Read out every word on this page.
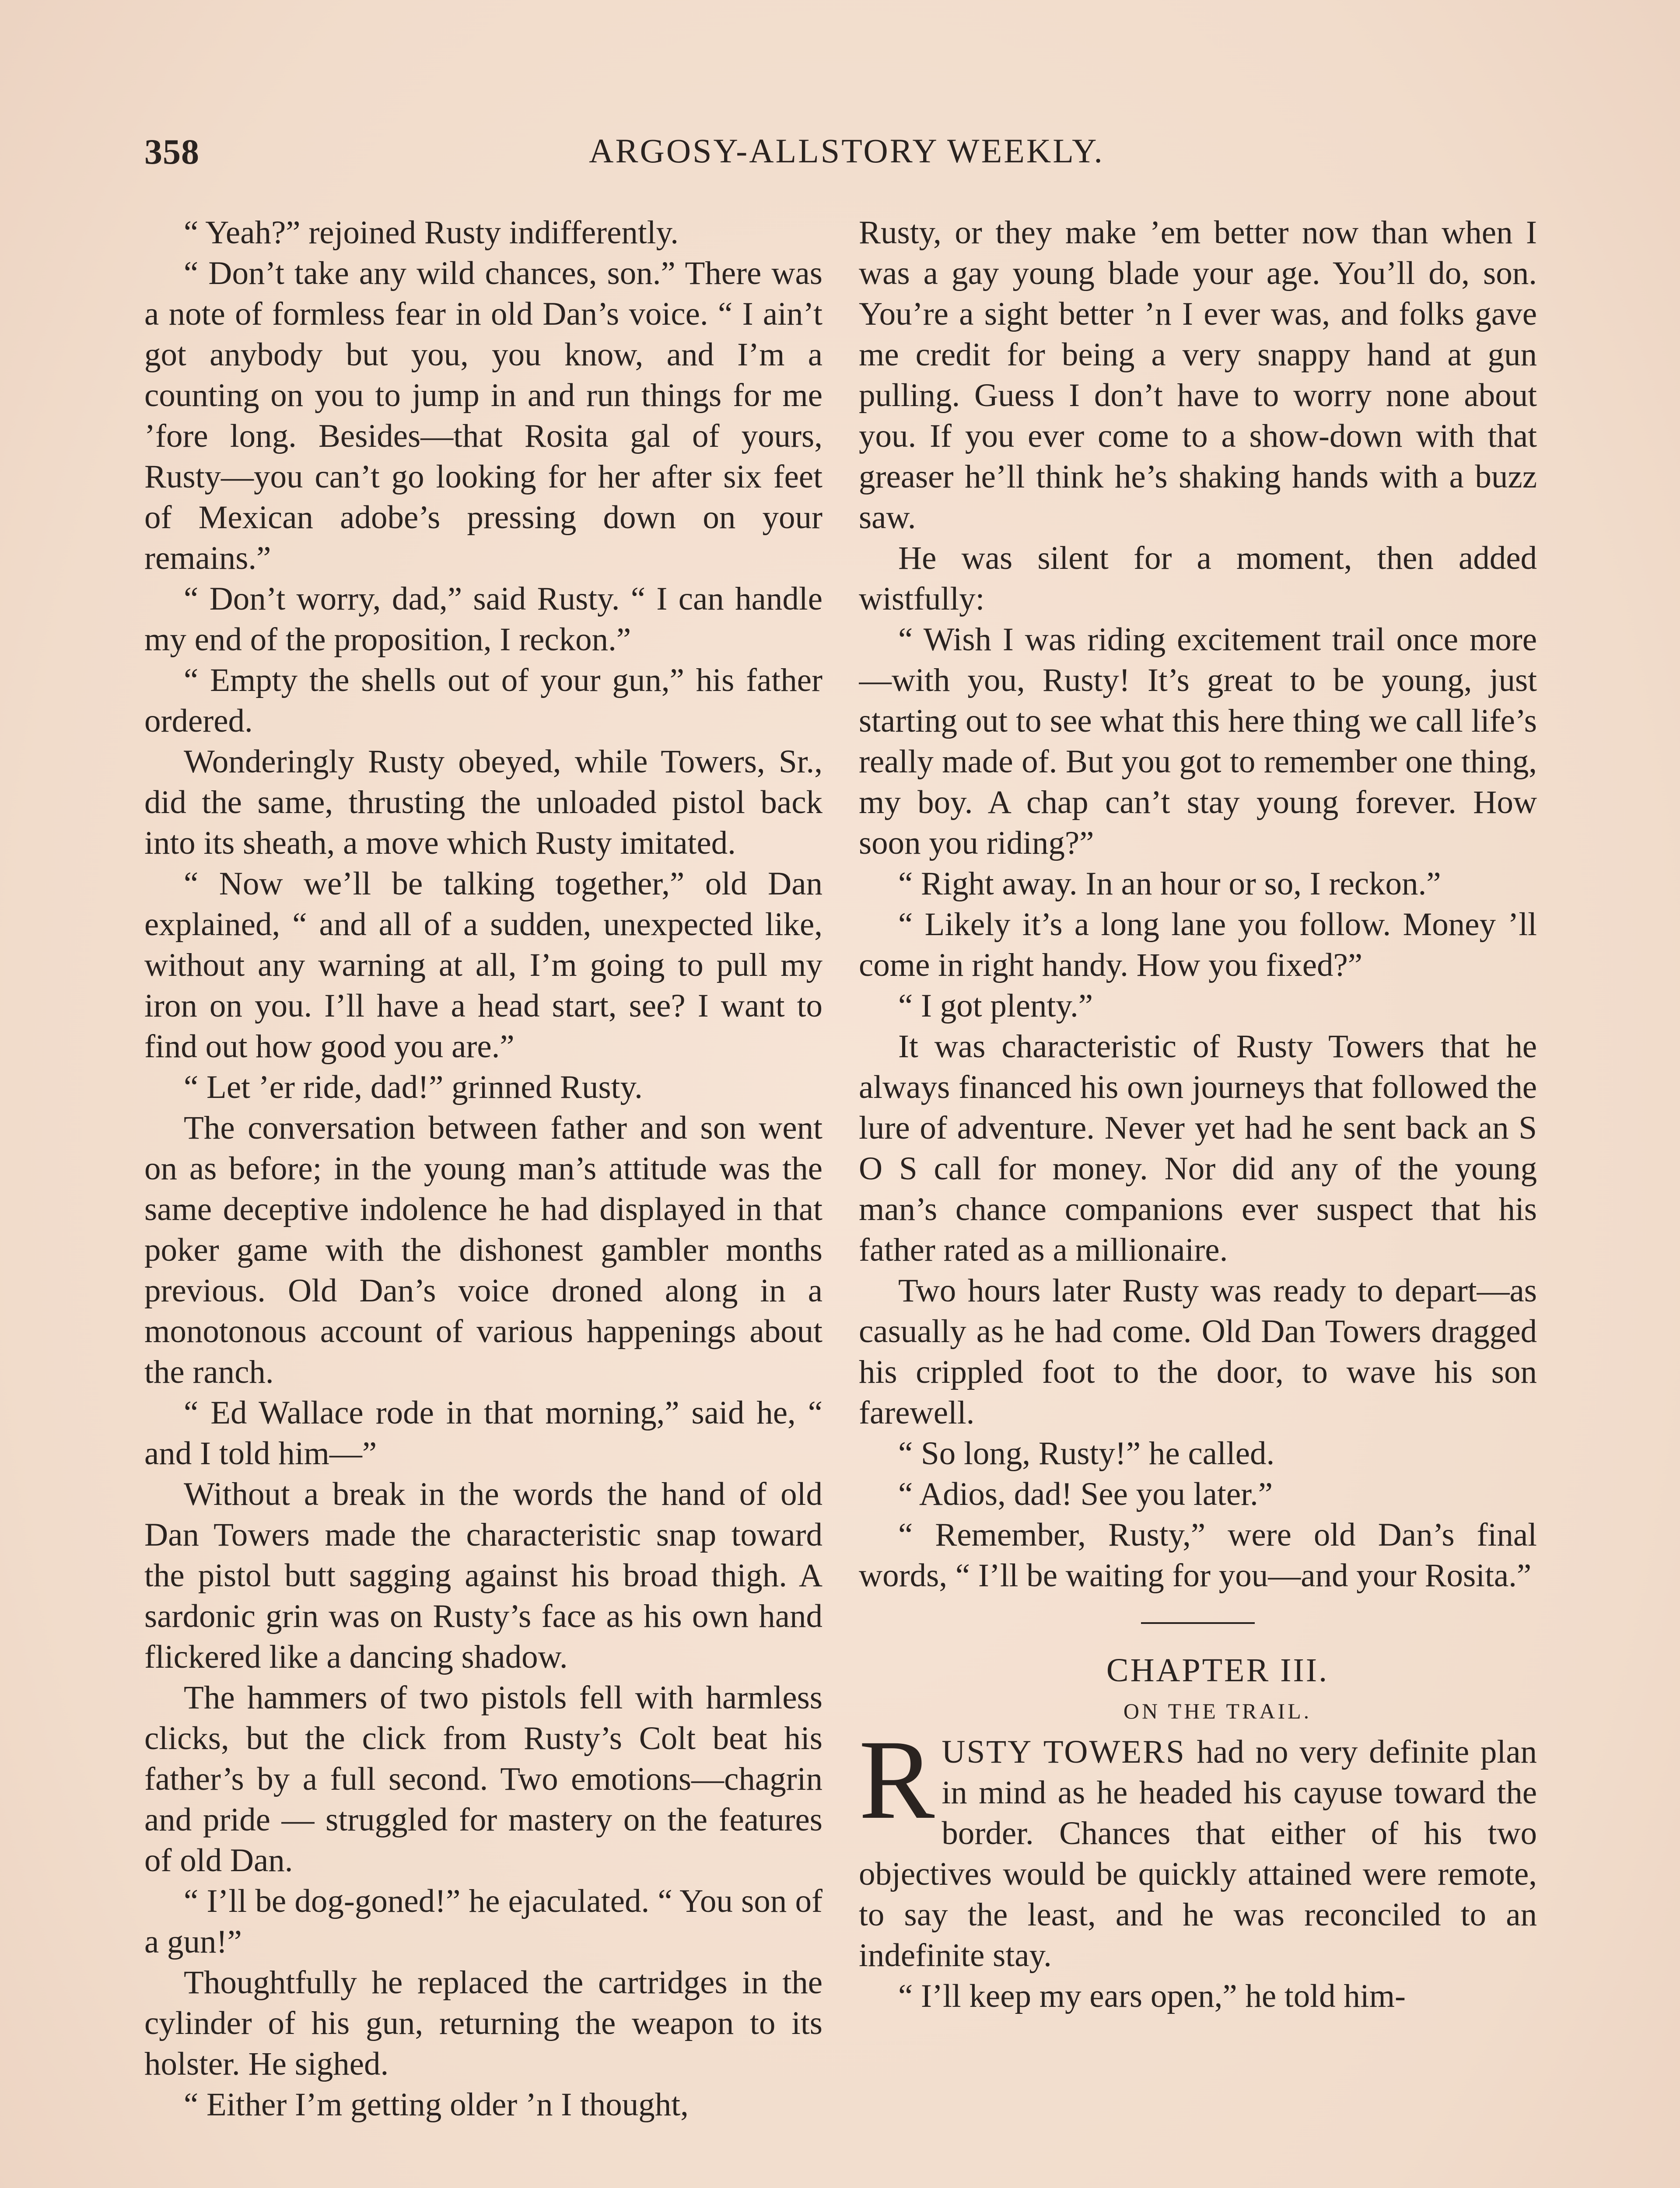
358	ARGOSY-ALLSTORY WEEKLY.

“ Yeah?” rejoined Rusty indifferently.

“ Don’t take any wild chances, son.” There was a note of formless fear in old Dan’s voice. “ I ain’t got anybody but you, you know, and I’m a counting on you to jump in and run things for me ’fore long. Besides—that Rosita gal of yours, Rusty—you can’t go looking for her after six feet of Mexican adobe’s pressing down on your remains.”

“ Don’t worry, dad,” said Rusty. “ I can handle my end of the proposition, I reckon.”

“ Empty the shells out of your gun,” his father ordered.

Wonderingly Rusty obeyed, while Towers, Sr., did the same, thrusting the unloaded pistol back into its sheath, a move which Rusty imitated.

“ Now we’ll be talking together,” old Dan explained, “ and all of a sudden, unexpected like, without any warning at all, I’m going to pull my iron on you. I’ll have a head start, see? I want to find out how good you are.”

“ Let ’er ride, dad!” grinned Rusty.

The conversation between father and son went on as before; in the young man’s attitude was the same deceptive indolence he had displayed in that poker game with the dishonest gambler months previous. Old Dan’s voice droned along in a monotonous account of various happenings about the ranch.

“ Ed Wallace rode in that morning,” said he, “ and I told him—”

Without a break in the words the hand of old Dan Towers made the characteristic snap toward the pistol butt sagging against his broad thigh. A sardonic grin was on Rusty’s face as his own hand flickered like a dancing shadow.

The hammers of two pistols fell with harmless clicks, but the click from Rusty’s Colt beat his father’s by a full second. Two emotions—chagrin and pride — struggled for mastery on the features of old Dan.

“ I’ll be dog-goned!” he ejaculated. “ You son of a gun!”

Thoughtfully he replaced the cartridges in the cylinder of his gun, returning the weapon to its holster. He sighed.

“ Either I’m getting older ’n I thought,

Rusty, or they make ’em better now than when I was a gay young blade your age. You’ll do, son. You’re a sight better ’n I ever was, and folks gave me credit for being a very snappy hand at gun pulling. Guess I don’t have to worry none about you. If you ever come to a show-down with that greaser he’ll think he’s shaking hands with a buzz saw.

He was silent for a moment, then added wistfully:

“ Wish I was riding excitement trail once more—with you, Rusty! It’s great to be young, just starting out to see what this here thing we call life’s really made of. But you got to remember one thing, my boy. A chap can’t stay young forever. How soon you riding?”

“ Right away. In an hour or so, I reckon.”

“ Likely it’s a long lane you follow. Money ’ll come in right handy. How you fixed?”

“ I got plenty.”

It was characteristic of Rusty Towers that he always financed his own journeys that followed the lure of adventure. Never yet had he sent back an S O S call for money. Nor did any of the young man’s chance companions ever suspect that his father rated as a millionaire.

Two hours later Rusty was ready to depart—as casually as he had come. Old Dan Towers dragged his crippled foot to the door, to wave his son farewell.

“ So long, Rusty!” he called.

“ Adios, dad! See you later.”

“ Remember, Rusty,” were old Dan’s final words, “ I’ll be waiting for you—and your Rosita.”

CHAPTER III.

ON THE TRAIL.

RUSTY TOWERS had no very definite plan in mind as he headed his cayuse toward the border. Chances that either of his two objectives would be quickly attained were remote, to say the least, and he was reconciled to an indefinite stay.

“ I’ll keep my ears open,” he told him-
